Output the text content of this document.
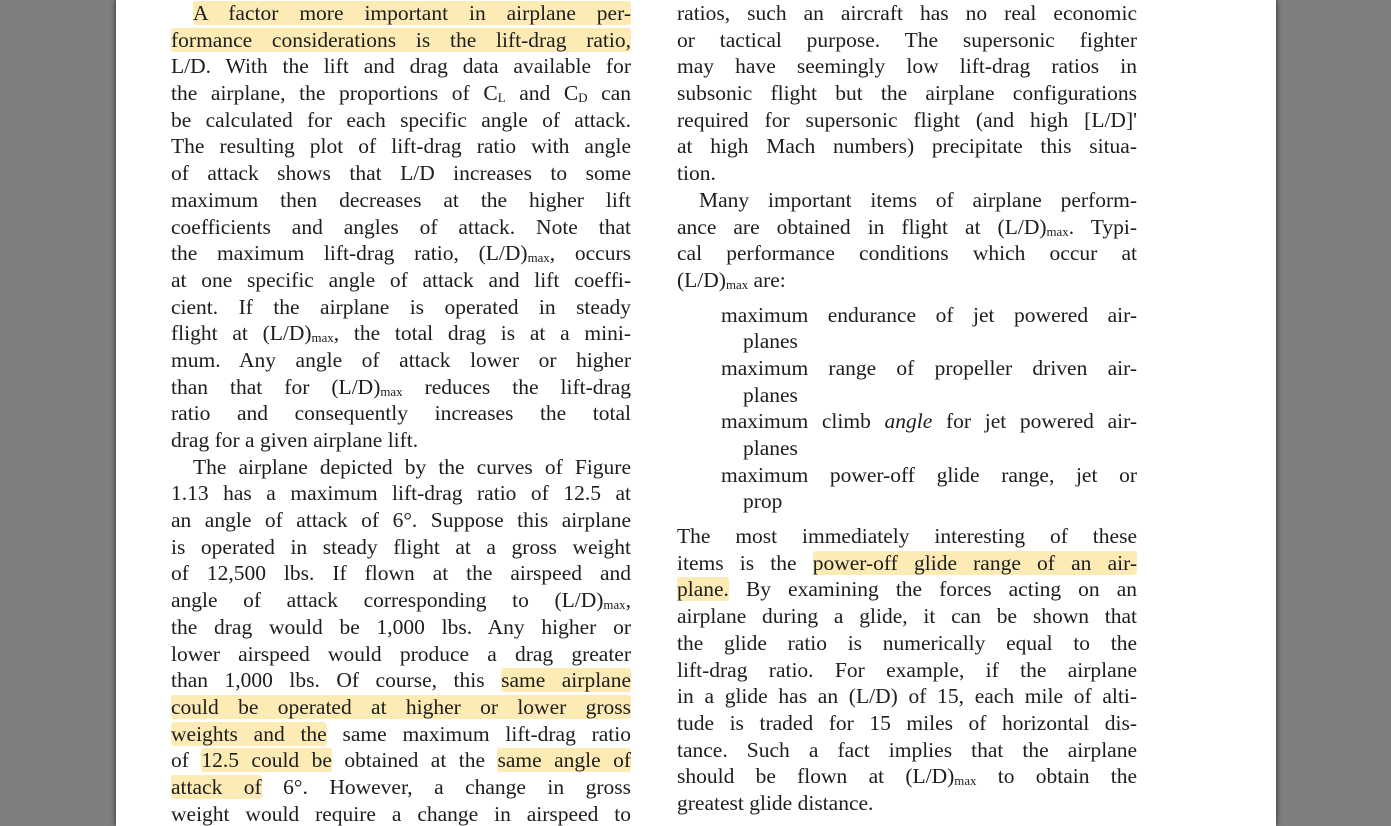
A factor more important in airplane per-
formance considerations is the lift-drag ratio,
L/D. With the lift and drag data available for
the airplane, the proportions of $C_L$ and $C_D$ can
be calculated for each specific angle of attack.
The resulting plot of lift-drag ratio with angle
of attack shows that L/D increases to some
maximum then decreases at the higher lift
coefficients and angles of attack. Note that
the maximum lift-drag ratio, $(L/D)_{max}$, occurs
at one specific angle of attack and lift coeffi-
cient. If the airplane is operated in steady
flight at $(L/D)_{max}$, the total drag is at a mini-
mum. Any angle of attack lower or higher
than that for $(L/D)_{max}$ reduces the lift-drag
ratio and consequently increases the total
drag for a given airplane lift.
The airplane depicted by the curves of Figure
1.13 has a maximum lift-drag ratio of 12.5 at
an angle of attack of 6°. Suppose this airplane
is operated in steady flight at a gross weight
of 12,500 lbs. If flown at the airspeed and
angle of attack corresponding to $(L/D)_{max}$,
the drag would be 1,000 lbs. Any higher or
lower airspeed would produce a drag greater
than 1,000 lbs. Of course, this same airplane
could be operated at higher or lower gross
weights and the same maximum lift-drag ratio
of 12.5 could be obtained at the same angle of
attack of 6°. However, a change in gross
weight would require a change in airspeed to
ratios, such an aircraft has no real economic
or tactical purpose. The supersonic fighter
may have seemingly low lift-drag ratios in
subsonic flight but the airplane configurations
required for supersonic flight (and high [L/D]'
at high Mach numbers) precipitate this situa-
tion.
Many important items of airplane perform-
ance are obtained in flight at $(L/D)_{max}$. Typi-
cal performance conditions which occur at
$(L/D)_{max}$ are:
maximum endurance of jet powered air-
planes
maximum range of propeller driven air-
planes
maximum climb angle for jet powered air-
planes
maximum power-off glide range, jet or
prop
The most immediately interesting of these
items is the power-off glide range of an air-
plane. By examining the forces acting on an
airplane during a glide, it can be shown that
the glide ratio is numerically equal to the
lift-drag ratio. For example, if the airplane
in a glide has an (L/D) of 15, each mile of alti-
tude is traded for 15 miles of horizontal dis-
tance. Such a fact implies that the airplane
should be flown at $(L/D)_{max}$ to obtain the
greatest glide distance.
